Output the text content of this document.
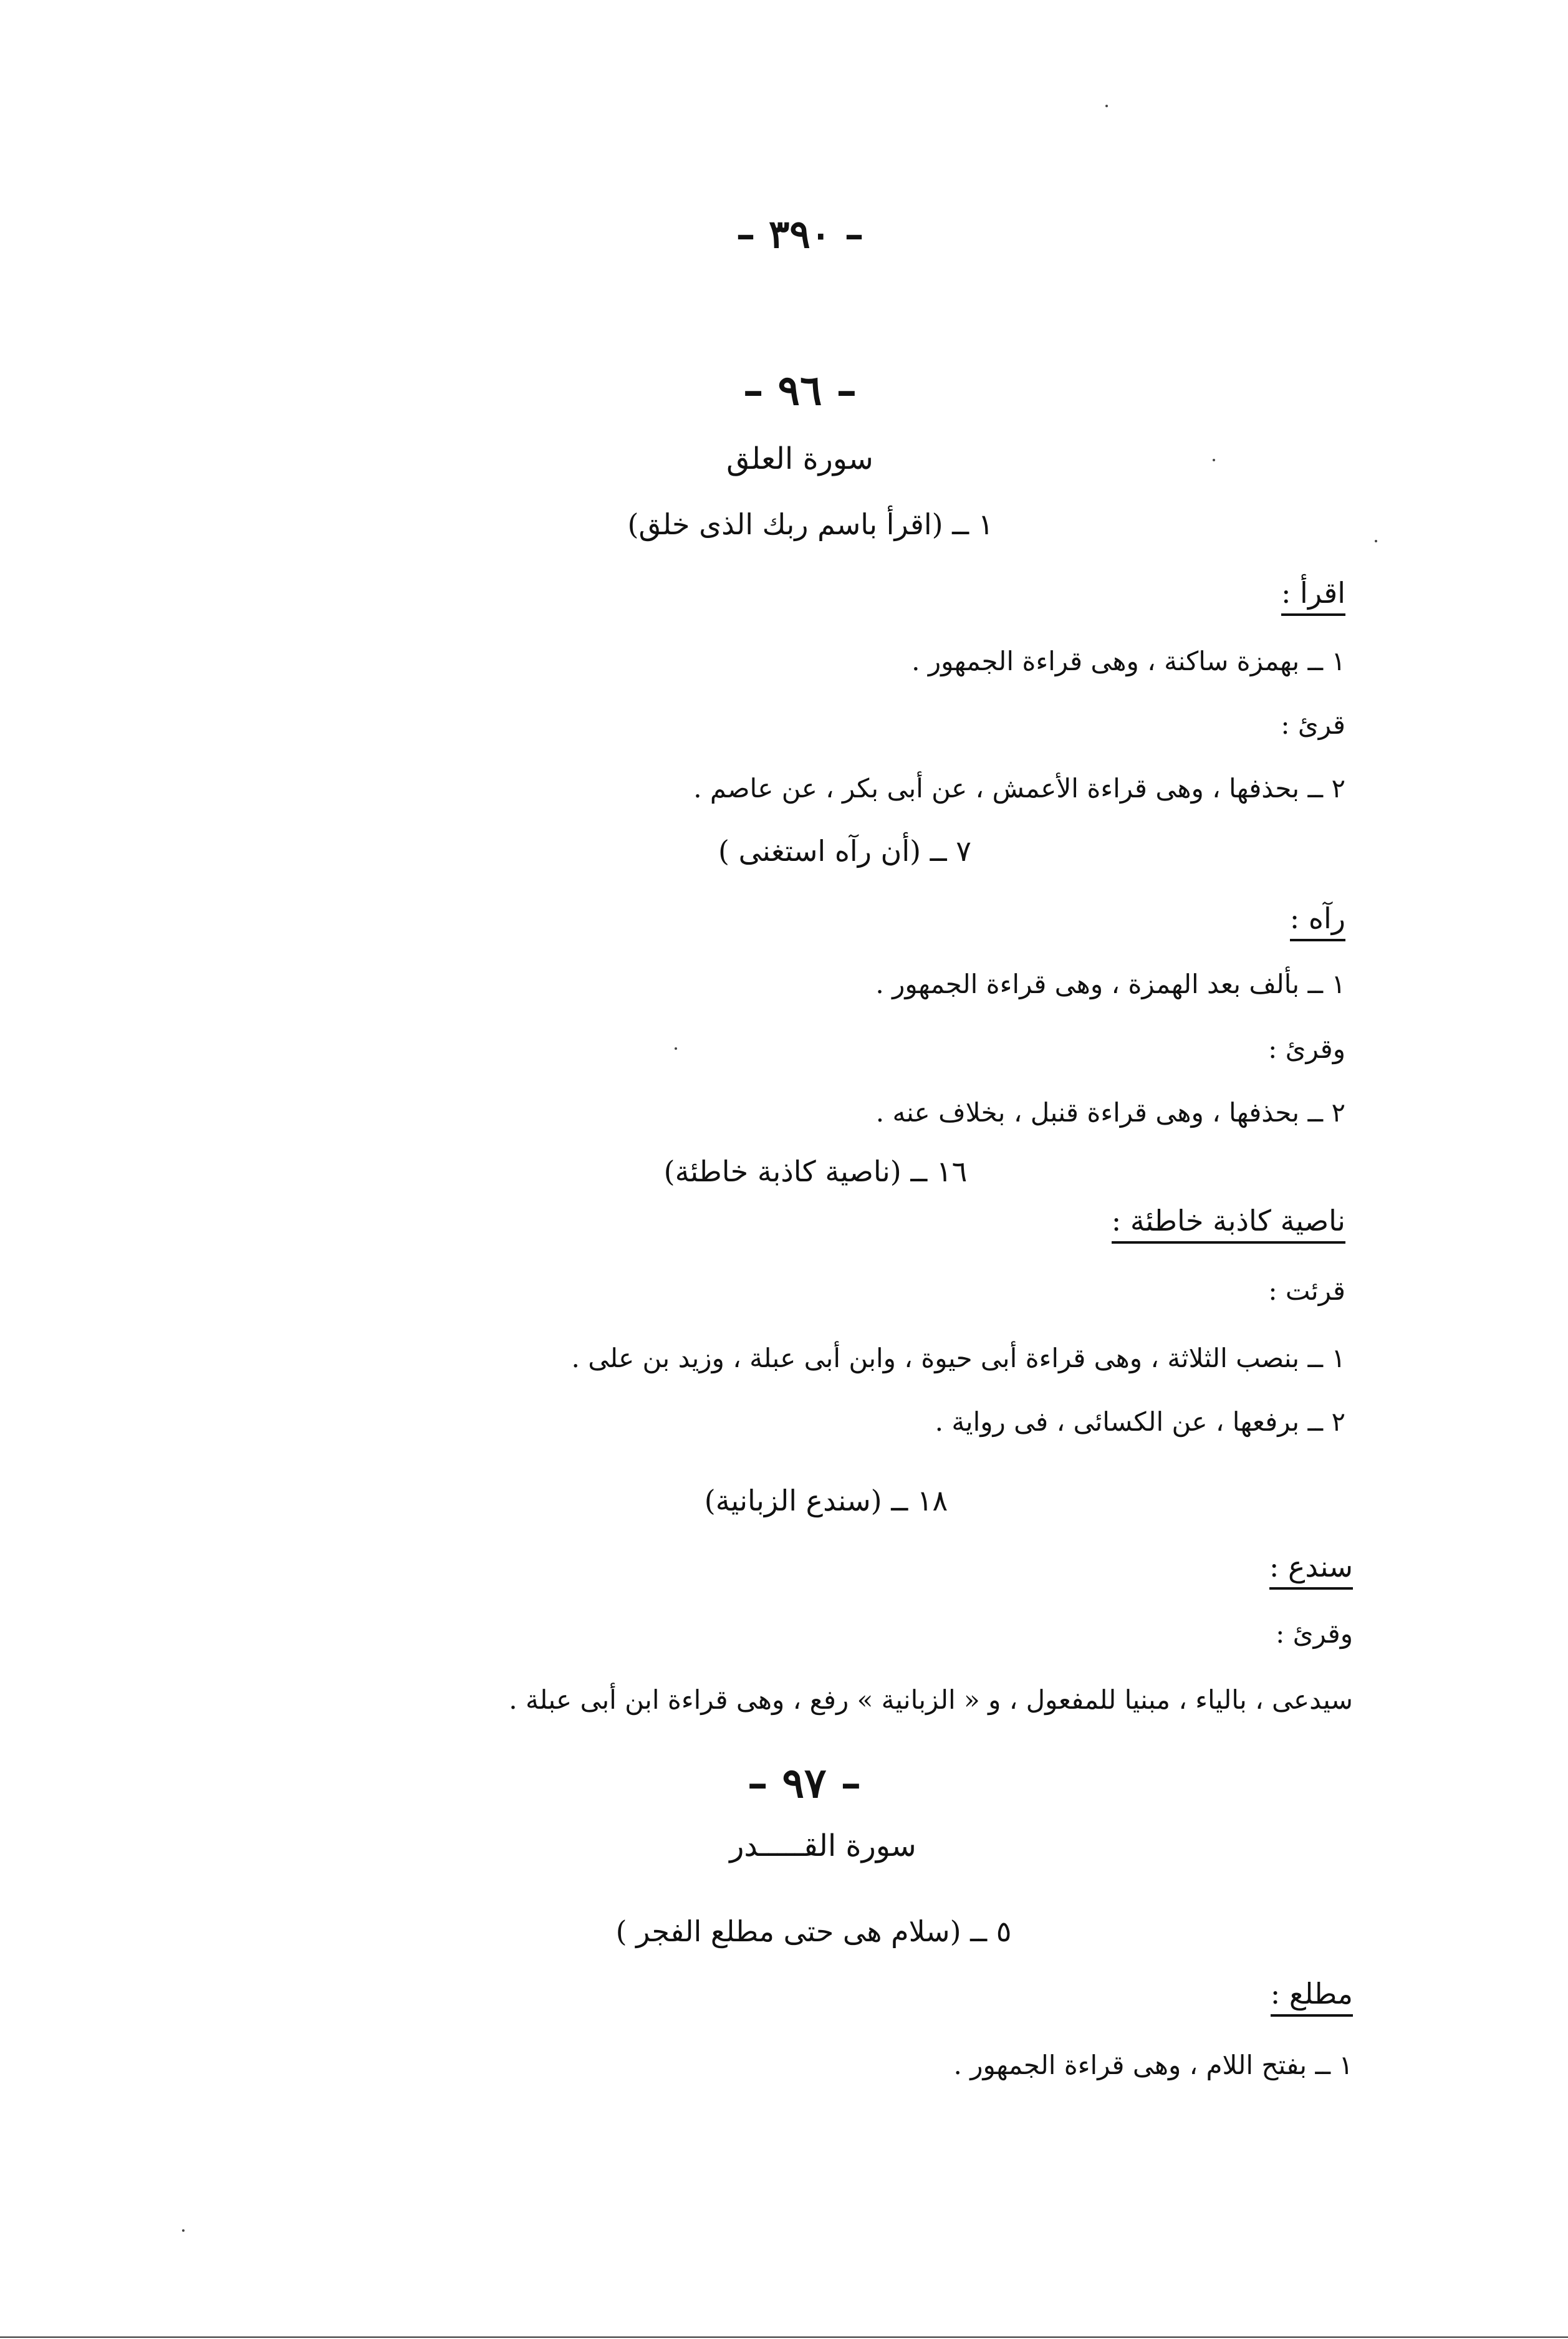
– ٣٩٠ –
– ٩٦ –
سورة العلق
١ ــ (اقرأ باسم ربك الذى خلق)
اقرأ :
١ ــ بهمزة ساكنة ، وهى قراءة الجمهور .
قرئ :
٢ ــ بحذفها ، وهى قراءة الأعمش ، عن أبى بكر ، عن عاصم .
٧ ــ (أن رآه استغنى )
رآه :
١ ــ بألف بعد الهمزة ، وهى قراءة الجمهور .
وقرئ :
٢ ــ بحذفها ، وهى قراءة قنبل ، بخلاف عنه .
١٦ ــ (ناصية كاذبة خاطئة)
ناصية كاذبة خاطئة :
قرئت :
١ ــ بنصب الثلاثة ، وهى قراءة أبى حيوة ، وابن أبى عبلة ، وزيد بن على .
٢ ــ برفعها ، عن الكسائى ، فى رواية .
١٨ ــ (سندع الزبانية)
سندع :
وقرئ :
سيدعى ، بالياء ، مبنيا للمفعول ، و « الزبانية » رفع ، وهى قراءة ابن أبى عبلة .
– ٩٧ –
سورة القـــــدر
٥ ــ (سلام هى حتى مطلع الفجر )
مطلع :
١ ــ بفتح اللام ، وهى قراءة الجمهور .
